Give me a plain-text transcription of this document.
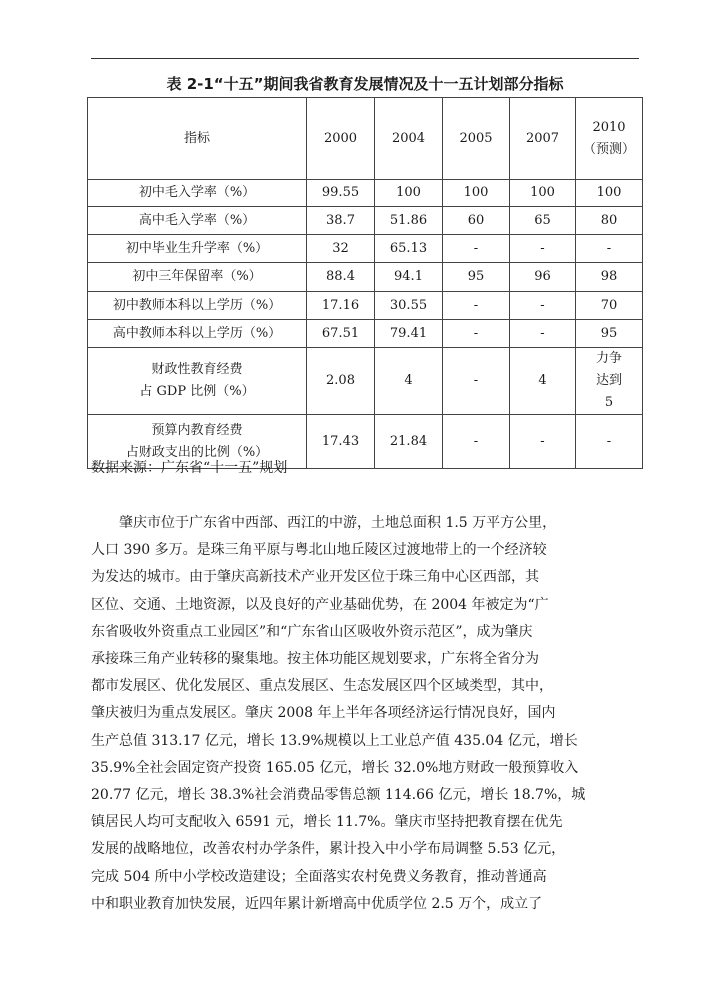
表 2-1“十五”期间我省教育发展情况及十一五计划部分指标
指标	2000	2004	2005	2007	2010
（预测）

初中毛入学率（%）	99.55	100	100	100	100
高中毛入学率（%）	38.7	51.86	60	65	80
初中毕业生升学率（%）	32	65.13	-	-	-
初中三年保留率（%）	88.4	94.1	95	96	98
初中教师本科以上学历（%）	17.16	30.55	-	-	70
高中教师本科以上学历（%）	67.51	79.41	-	-	95

财政性教育经费
占 GDP 比例（%）	2.08	4	-	4	力争达到 5

预算内教育经费
占财政支出的比例（%）	17.43	21.84	-	-	-
数据来源：广东省“十一五”规划
肇庆市位于广东省中西部、西江的中游，土地总面积 1.5 万平方公里，
人口 390 多万。是珠三角平原与粤北山地丘陵区过渡地带上的一个经济较
为发达的城市。由于肇庆高新技术产业开发区位于珠三角中心区西部，其
区位、交通、土地资源，以及良好的产业基础优势，在 2004 年被定为“广
东省吸收外资重点工业园区”和“广东省山区吸收外资示范区”，成为肇庆
承接珠三角产业转移的聚集地。按主体功能区规划要求，广东将全省分为
都市发展区、优化发展区、重点发展区、生态发展区四个区域类型，其中，
肇庆被归为重点发展区。肇庆 2008 年上半年各项经济运行情况良好，国内
生产总值 313.17 亿元，增长 13.9%规模以上工业总产值 435.04 亿元，增长
35.9%全社会固定资产投资 165.05 亿元，增长 32.0%地方财政一般预算收入
20.77 亿元，增长 38.3%社会消费品零售总额 114.66 亿元，增长 18.7%，城
镇居民人均可支配收入 6591 元，增长 11.7%。肇庆市坚持把教育摆在优先
发展的战略地位，改善农村办学条件，累计投入中小学布局调整 5.53 亿元，
完成 504 所中小学校改造建设；全面落实农村免费义务教育，推动普通高
中和职业教育加快发展，近四年累计新增高中优质学位 2.5 万个，成立了
